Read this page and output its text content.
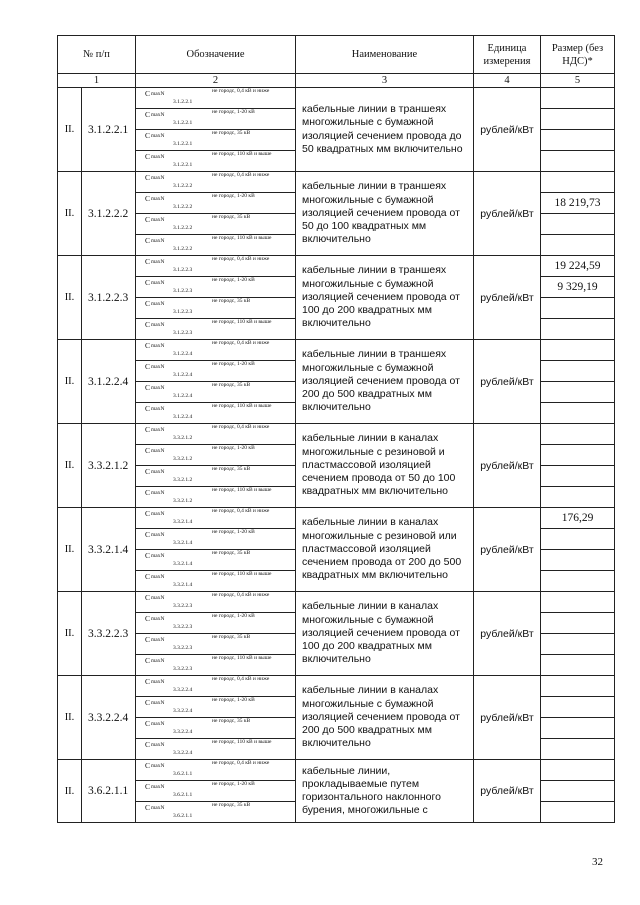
№ п/п		Обозначение	Наименование	Единица измерения	Размер (без НДС)*
1		2	3	4	5
II.	3.1.2.2.1	CmaxN
3.1.2.2.1
не городс, 0,4 кВ и ниже	кабельные линии в траншеях многожильные с бумажной изоляцией сечением провода до 50 квадратных мм включительно	рублей/кВт	

		CmaxN
3.1.2.2.1
не городс, 1-20 кВ			

		CmaxN
3.1.2.2.1
не городс, 35 кВ			

		CmaxN
3.1.2.2.1
не городс, 110 кВ и выше			

II.	3.1.2.2.2	CmaxN
3.1.2.2.2
не городс, 0,4 кВ и ниже	кабельные линии в траншеях многожильные с бумажной изоляцией сечением провода от 50 до 100 квадратных мм включительно	рублей/кВт	

		CmaxN
3.1.2.2.2
не городс, 1-20 кВ			18 219,73

		CmaxN
3.1.2.2.2
не городс, 35 кВ			

		CmaxN
3.1.2.2.2
не городс, 110 кВ и выше			

II.	3.1.2.2.3	CmaxN
3.1.2.2.3
не городс, 0,4 кВ и ниже	кабельные линии в траншеях многожильные с бумажной изоляцией сечением провода от 100 до 200 квадратных мм включительно	рублей/кВт	19 224,59

		CmaxN
3.1.2.2.3
не городс, 1-20 кВ			9 329,19

		CmaxN
3.1.2.2.3
не городс, 35 кВ			

		CmaxN
3.1.2.2.3
не городс, 110 кВ и выше			

II.	3.1.2.2.4	CmaxN
3.1.2.2.4
не городс, 0,4 кВ и ниже	кабельные линии в траншеях многожильные с бумажной изоляцией сечением провода от 200 до 500 квадратных мм включительно	рублей/кВт	

		CmaxN
3.1.2.2.4
не городс, 1-20 кВ			

		CmaxN
3.1.2.2.4
не городс, 35 кВ			

		CmaxN
3.1.2.2.4
не городс, 110 кВ и выше			

II.	3.3.2.1.2	CmaxN
3.3.2.1.2
не городс, 0,4 кВ и ниже	кабельные линии в каналах многожильные с резиновой и пластмассовой изоляцией сечением провода от 50 до 100 квадратных мм включительно	рублей/кВт	

		CmaxN
3.3.2.1.2
не городс, 1-20 кВ			

		CmaxN
3.3.2.1.2
не городс, 35 кВ			

		CmaxN
3.3.2.1.2
не городс, 110 кВ и выше			

II.	3.3.2.1.4	CmaxN
3.3.2.1.4
не городс, 0,4 кВ и ниже	кабельные линии в каналах многожильные с резиновой или пластмассовой изоляцией сечением провода от 200 до 500 квадратных мм включительно	рублей/кВт	176,29

		CmaxN
3.3.2.1.4
не городс, 1-20 кВ			

		CmaxN
3.3.2.1.4
не городс, 35 кВ			

		CmaxN
3.3.2.1.4
не городс, 110 кВ и выше			

II.	3.3.2.2.3	CmaxN
3.3.2.2.3
не городс, 0,4 кВ и ниже	кабельные линии в каналах многожильные с бумажной изоляцией сечением провода от 100 до 200 квадратных мм включительно	рублей/кВт	

		CmaxN
3.3.2.2.3
не городс, 1-20 кВ			

		CmaxN
3.3.2.2.3
не городс, 35 кВ			

		CmaxN
3.3.2.2.3
не городс, 110 кВ и выше			

II.	3.3.2.2.4	CmaxN
3.3.2.2.4
не городс, 0,4 кВ и ниже	кабельные линии в каналах многожильные с бумажной изоляцией сечением провода от 200 до 500 квадратных мм включительно	рублей/кВт	

		CmaxN
3.3.2.2.4
не городс, 1-20 кВ			

		CmaxN
3.3.2.2.4
не городс, 35 кВ			

		CmaxN
3.3.2.2.4
не городс, 110 кВ и выше			

II.	3.6.2.1.1	CmaxN
3.6.2.1.1
не городс, 0,4 кВ и ниже	кабельные линии, прокладываемые путем горизонтального наклонного бурения, многожильные с	рублей/кВт	

		CmaxN
3.6.2.1.1
не городс, 1-20 кВ			

		CmaxN
3.6.2.1.1
не городс, 35 кВ			

32
